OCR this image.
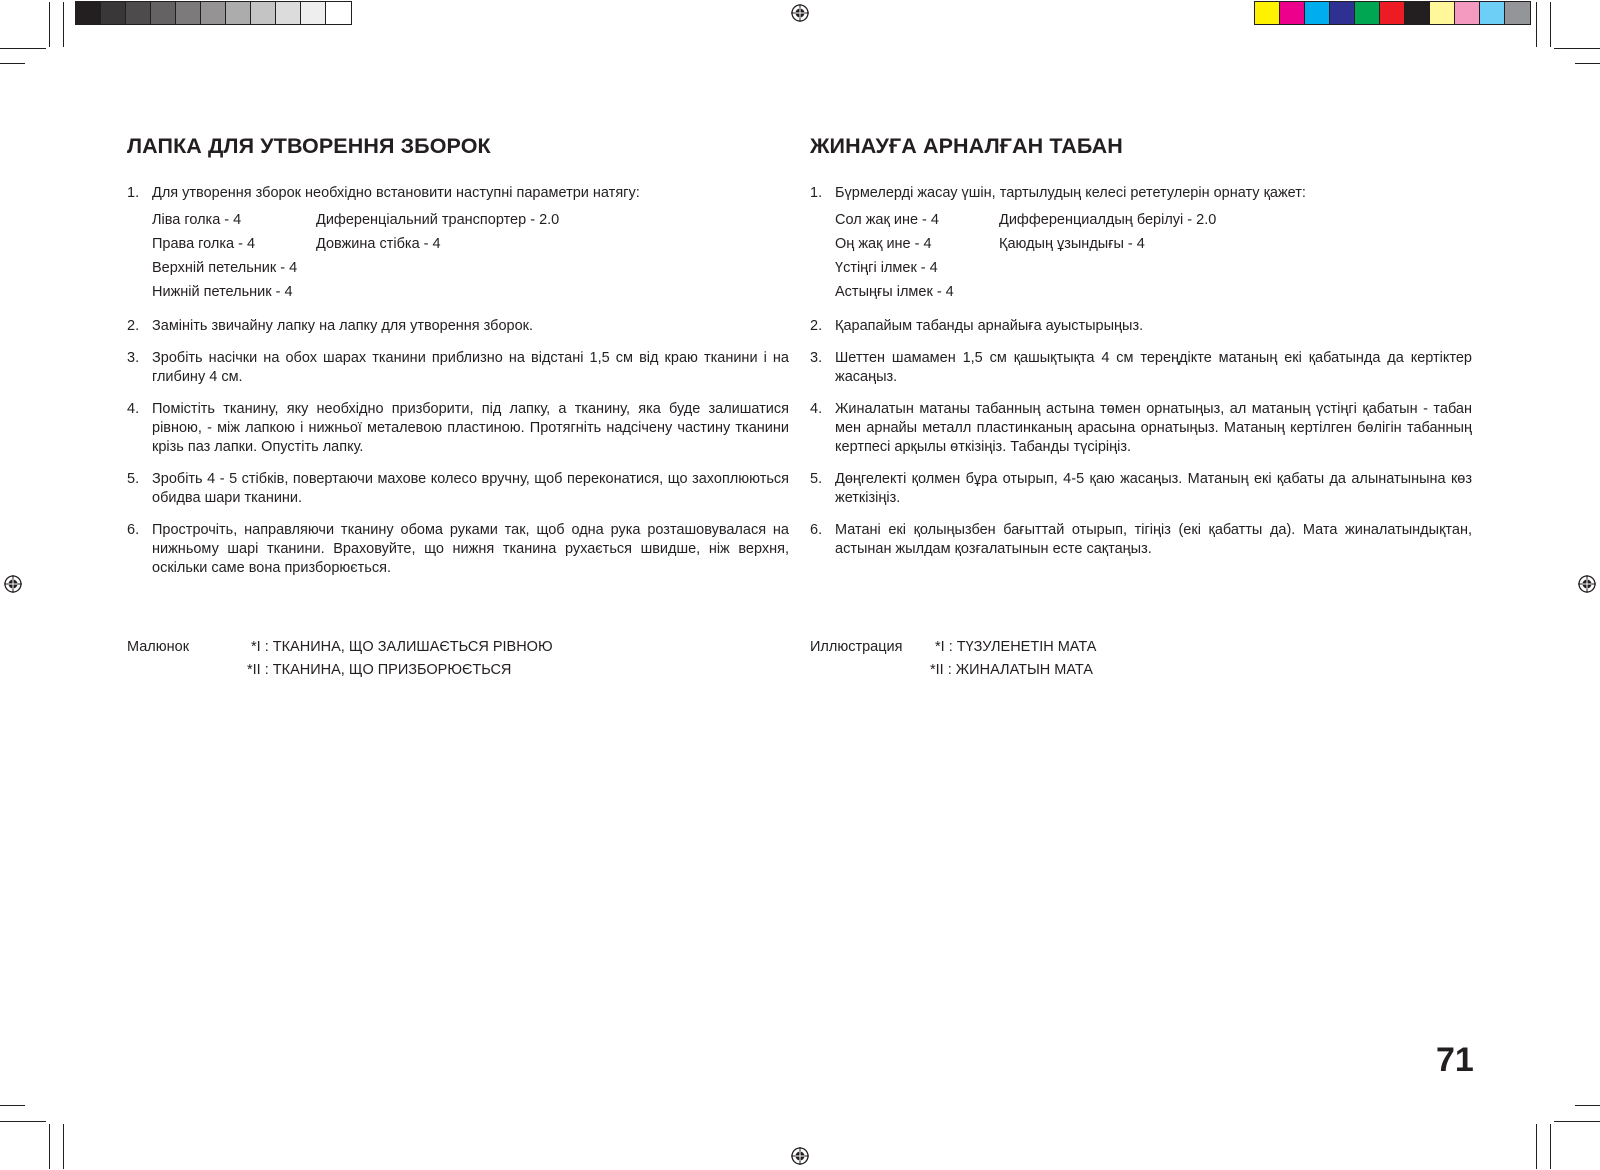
ЛАПКА ДЛЯ УТВОРЕННЯ ЗБОРОК
1. Для утворення зборок необхідно встановити наступні параметри натягу:
Ліва голка - 4	Диференціальний транспортер - 2.0
Права голка - 4	Довжина стібка - 4
Верхній петельник - 4
Нижній петельник - 4
2. Замініть звичайну лапку на лапку для утворення зборок.
3. Зробіть насічки на обох шарах тканини приблизно на відстані 1,5 см від краю тканини і на глибину 4 см.
4. Помістіть тканину, яку необхідно призборити, під лапку, а тканину, яка буде залишатися рівною, - між лапкою і нижньої металевою пластиною. Протягніть надсічену частину тканини крізь паз лапки. Опустіть лапку.
5. Зробіть 4 - 5 стібків, повертаючи махове колесо вручну, щоб переконатися, що захоплюються обидва шари тканини.
6. Прострочіть, направляючи тканину обома руками так, щоб одна рука розташовувалася на нижньому шарі тканини. Враховуйте, що нижня тканина рухається швидше, ніж верхня, оскільки саме вона призборюється.
Малюнок	*I : ТКАНИНА, ЩО ЗАЛИШАЄТЬСЯ РІВНОЮ
*II : ТКАНИНА, ЩО ПРИЗБОРЮЄТЬСЯ
ЖИНАУҒА АРНАЛҒАН ТАБАН
1. Бүрмелерді жасау үшін, тартылудың келесі рететулерін орнату қажет:
Сол жақ ине - 4	Дифференциалдың берілуі - 2.0
Оң жақ ине - 4	Қаюдың ұзындығы - 4
Үстіңгі ілмек - 4
Астыңғы ілмек - 4
2. Қарапайым табанды арнайыға ауыстырыңыз.
3. Шеттен шамамен 1,5 см қашықтықта 4 см тереңдікте матаның екі қабатында да кертіктер жасаңыз.
4. Жиналатын матаны табанның астына төмен орнатыңыз, ал матаның үстіңгі қабатын - табан мен арнайы металл пластинканың арасына орнатыңыз. Матаның кертілген бөлігін табанның кертпесі арқылы өткізіңіз. Табанды түсіріңіз.
5. Дөңгелекті қолмен бұра отырып, 4-5 қаю жасаңыз. Матаның екі қабаты да алынатынына көз жеткізіңіз.
6. Матані екі қолыңызбен бағыттай отырып, тігіңіз (екі қабатты да). Мата жиналатындықтан, астынан жылдам қозғалатынын есте сақтаңыз.
Иллюстрация *I : ТҮЗУЛЕНЕТІН МАТА
*II : ЖИНАЛАТЫН МАТА
71
